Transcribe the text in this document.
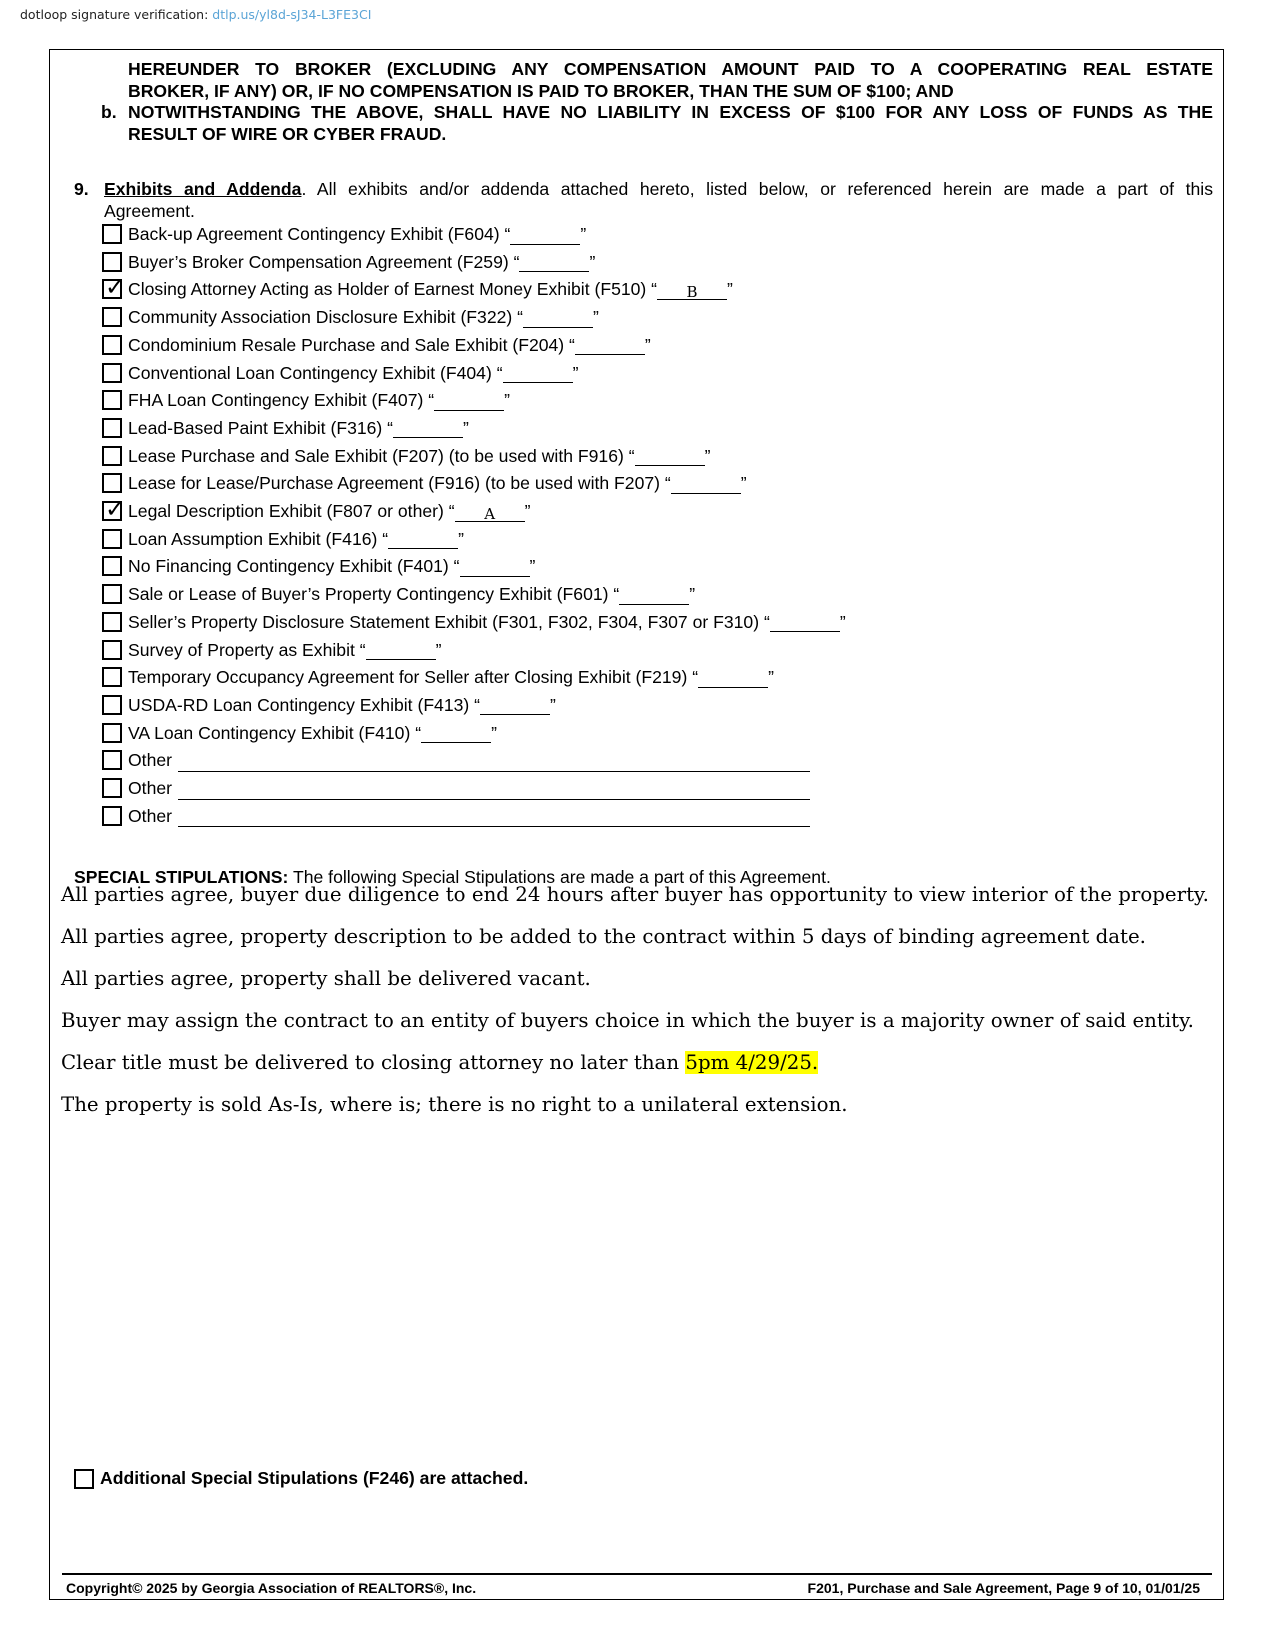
dotloop signature verification: dtlp.us/yl8d-sJ34-L3FE3CI
HEREUNDER TO BROKER (EXCLUDING ANY COMPENSATION AMOUNT PAID TO A COOPERATING REAL ESTATE
BROKER, IF ANY) OR, IF NO COMPENSATION IS PAID TO BROKER, THAN THE SUM OF $100; AND
b. NOTWITHSTANDING THE ABOVE, SHALL HAVE NO LIABILITY IN EXCESS OF $100 FOR ANY LOSS OF FUNDS AS THE
RESULT OF WIRE OR CYBER FRAUD.
9. Exhibits and Addenda. All exhibits and/or addenda attached hereto, listed below, or referenced herein are made a part of this
Agreement.
Back-up Agreement Contingency Exhibit (F604) “	”
Buyer’s Broker Compensation Agreement (F259) “	”
✓ Closing Attorney Acting as Holder of Earnest Money Exhibit (F510) “	B	”
Community Association Disclosure Exhibit (F322) “	”
Condominium Resale Purchase and Sale Exhibit (F204) “	”
Conventional Loan Contingency Exhibit (F404) “	”
FHA Loan Contingency Exhibit (F407) “	”
Lead-Based Paint Exhibit (F316) “	”
Lease Purchase and Sale Exhibit (F207) (to be used with F916) “	”
Lease for Lease/Purchase Agreement (F916) (to be used with F207) “	”
✓ Legal Description Exhibit (F807 or other) “	A	”
Loan Assumption Exhibit (F416) “	”
No Financing Contingency Exhibit (F401) “	”
Sale or Lease of Buyer’s Property Contingency Exhibit (F601) “	”
Seller’s Property Disclosure Statement Exhibit (F301, F302, F304, F307 or F310) “	”
Survey of Property as Exhibit “	”
Temporary Occupancy Agreement for Seller after Closing Exhibit (F219) “	”
USDA-RD Loan Contingency Exhibit (F413) “	”
VA Loan Contingency Exhibit (F410) “	”
Other
Other
Other
SPECIAL STIPULATIONS: The following Special Stipulations are made a part of this Agreement.
All parties agree, buyer due diligence to end 24 hours after buyer has opportunity to view interior of the property.
All parties agree, property description to be added to the contract within 5 days of binding agreement date.
All parties agree, property shall be delivered vacant.
Buyer may assign the contract to an entity of buyers choice in which the buyer is a majority owner of said entity.
Clear title must be delivered to closing attorney no later than 5pm 4/29/25.
The property is sold As-Is, where is; there is no right to a unilateral extension.
Additional Special Stipulations (F246) are attached.
Copyright© 2025 by Georgia Association of REALTORS®, Inc.	F201, Purchase and Sale Agreement, Page 9 of 10, 01/01/25
